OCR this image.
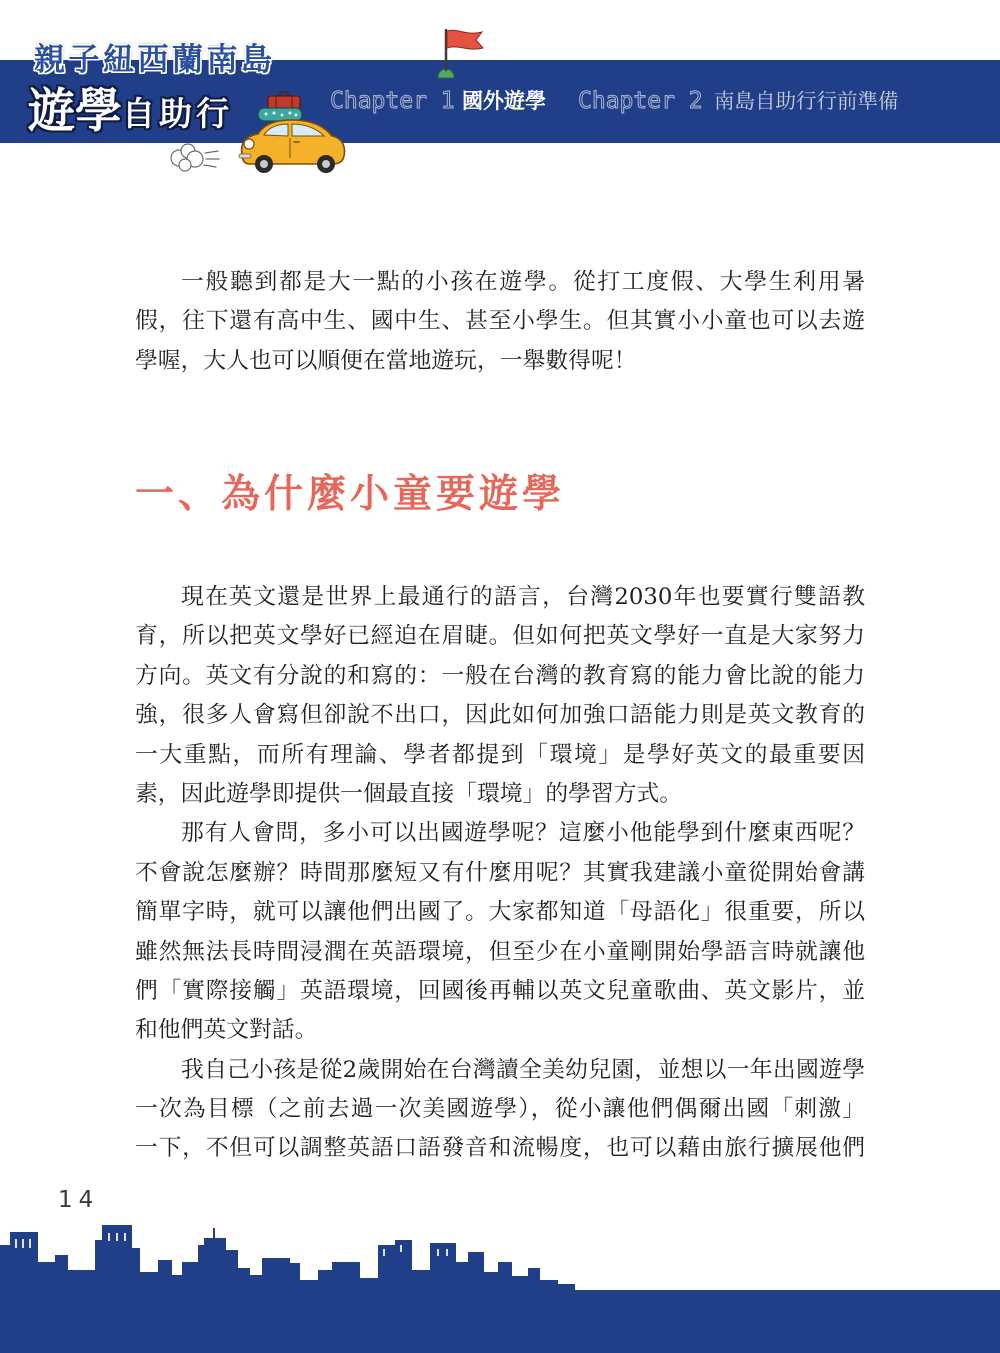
親子紐西蘭南島
遊學 自助行	Chapter 1 國外遊學 Chapter 2 南島自助行行前準備
一般聽到都是大一點的小孩在遊學。從打工度假、大學生利用暑
假，往下還有高中生、國中生、甚至小學生。但其實小小童也可以去遊
學喔，大人也可以順便在當地遊玩，一舉數得呢！
一、為什麼小童要遊學
現在英文還是世界上最通行的語言，台灣2030年也要實行雙語教
育，所以把英文學好已經迫在眉睫。但如何把英文學好一直是大家努力
方向。英文有分說的和寫的：一般在台灣的教育寫的能力會比說的能力
強，很多人會寫但卻說不出口，因此如何加強口語能力則是英文教育的
一大重點，而所有理論、學者都提到「環境」是學好英文的最重要因
素，因此遊學即提供一個最直接「環境」的學習方式。
那有人會問，多小可以出國遊學呢？這麼小他能學到什麼東西呢？
不會說怎麼辦？時間那麼短又有什麼用呢？其實我建議小童從開始會講
簡單字時，就可以讓他們出國了。大家都知道「母語化」很重要，所以
雖然無法長時間浸潤在英語環境，但至少在小童剛開始學語言時就讓他
們「實際接觸」英語環境，回國後再輔以英文兒童歌曲、英文影片，並
和他們英文對話。
我自己小孩是從2歲開始在台灣讀全美幼兒園，並想以一年出國遊學
一次為目標（之前去過一次美國遊學），從小讓他們偶爾出國「刺激」
一下，不但可以調整英語口語發音和流暢度，也可以藉由旅行擴展他們
14
